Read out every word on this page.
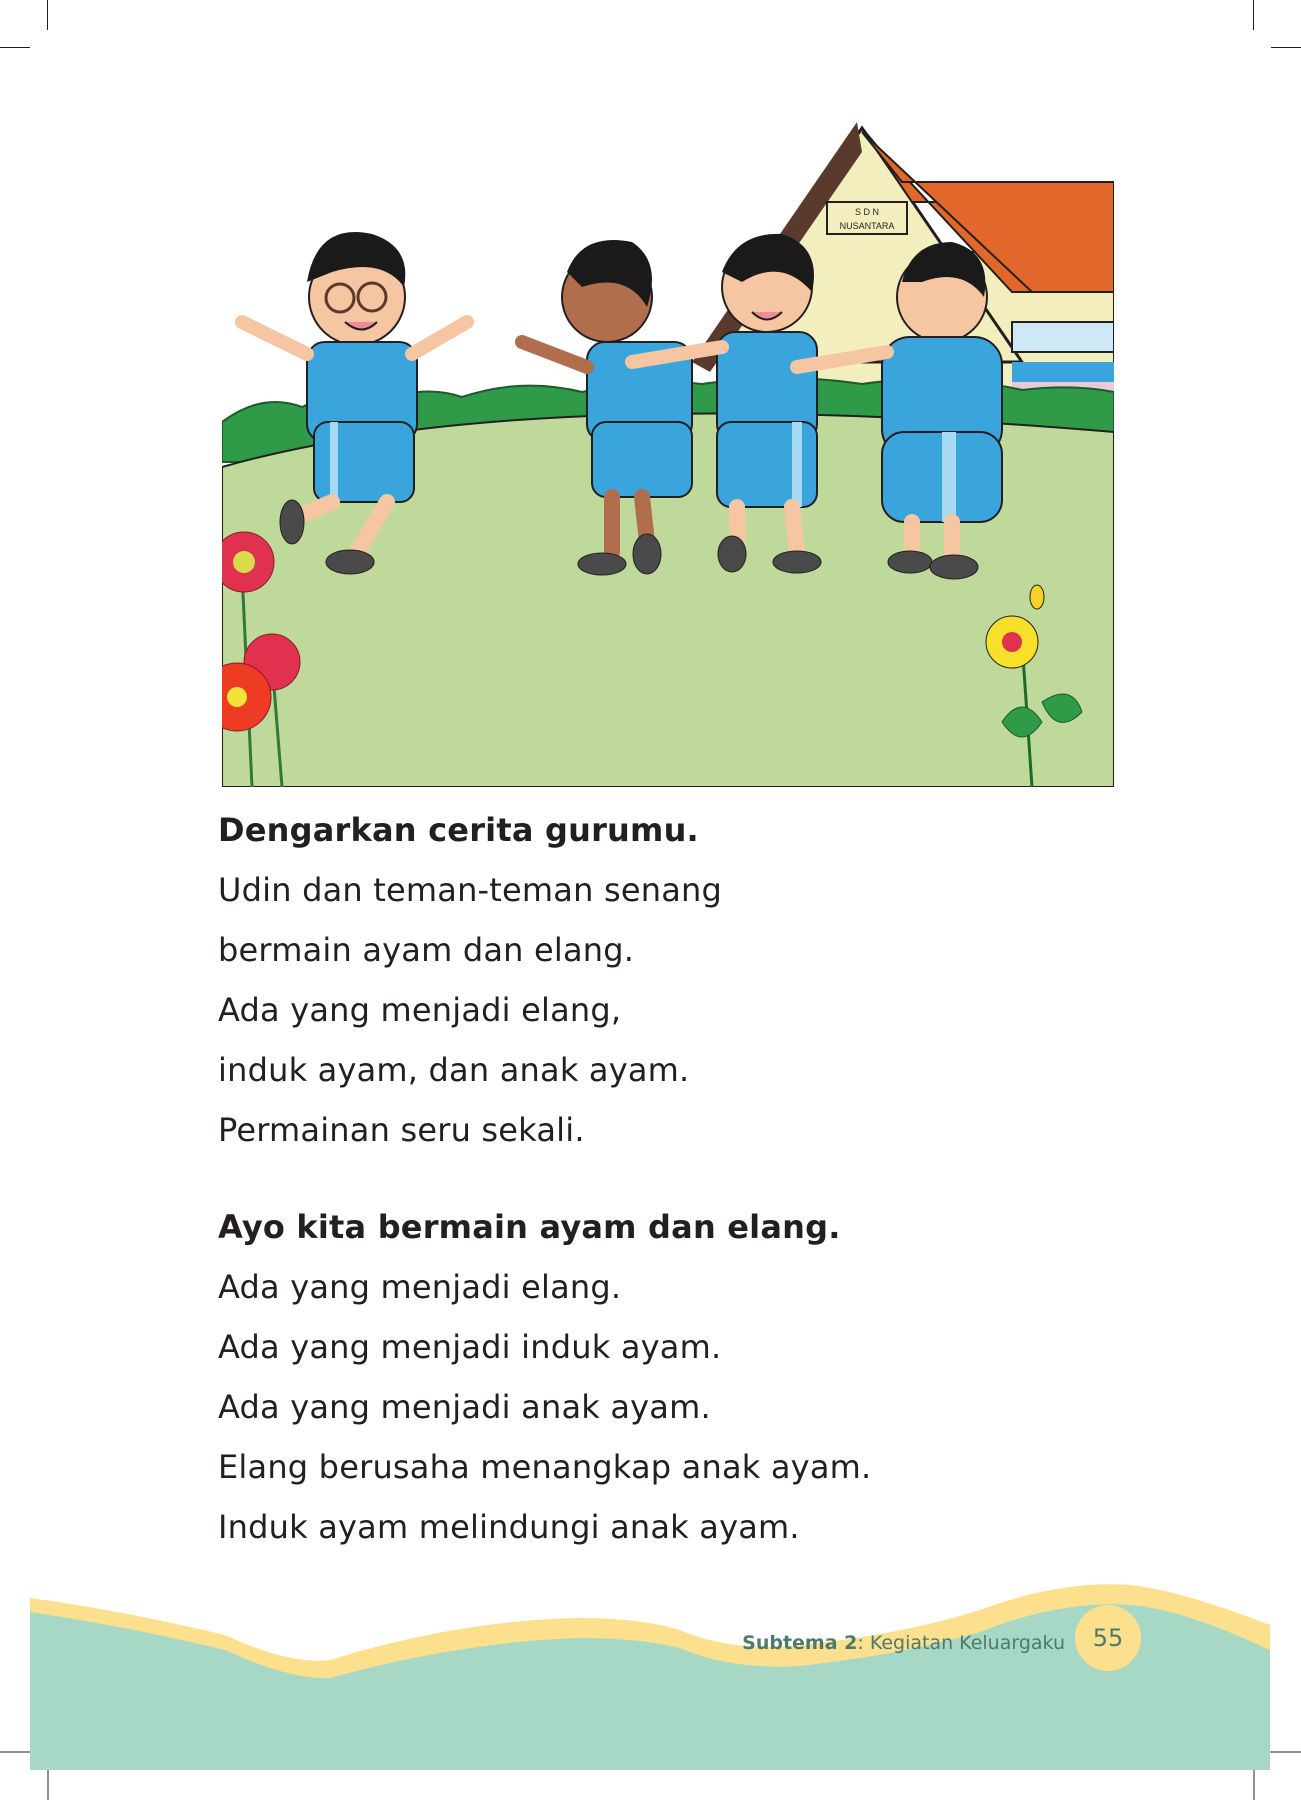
S D N
NUSANTARA
Dengarkan cerita gurumu.
Udin dan teman-teman senang
bermain ayam dan elang.
Ada yang menjadi elang,
induk ayam, dan anak ayam.
Permainan seru sekali.
Ayo kita bermain ayam dan elang.
Ada yang menjadi elang.
Ada yang menjadi induk ayam.
Ada yang menjadi anak ayam.
Elang berusaha menangkap anak ayam.
Induk ayam melindungi anak ayam.
Subtema 2: Kegiatan Keluargaku 55
